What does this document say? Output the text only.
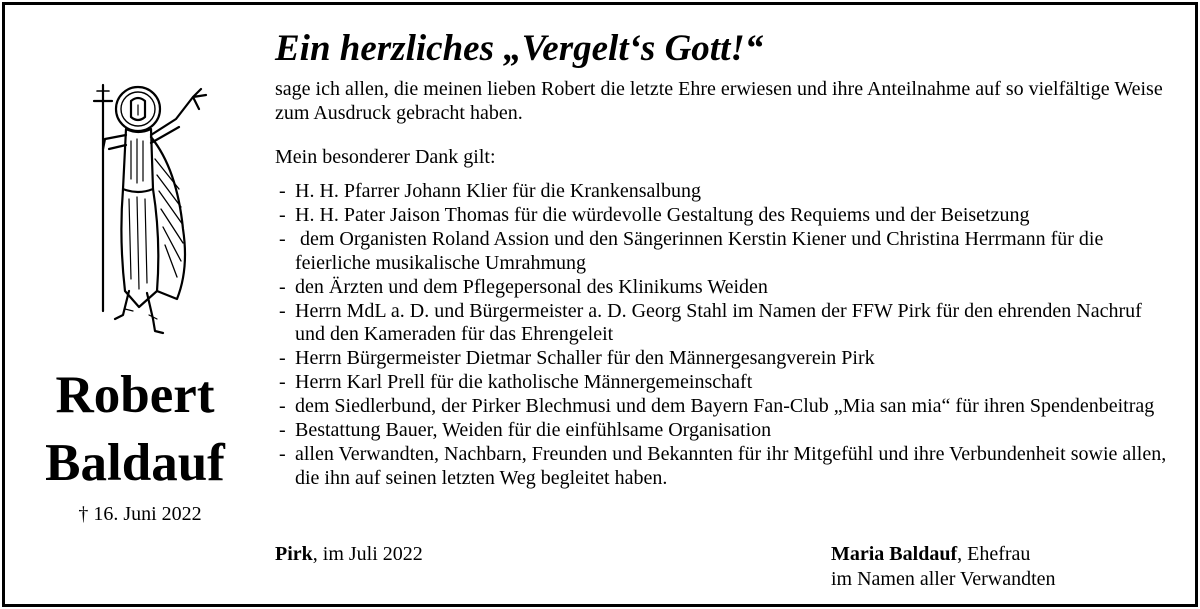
Robert
Baldauf
† 16. Juni 2022
Ein herzliches „Vergelt‘s Gott!“
sage ich allen, die meinen lieben Robert die letzte Ehre erwiesen und ihre Anteilnahme auf so vielfältige Weise zum Ausdruck gebracht haben.
Mein besonderer Dank gilt:
- H. H. Pfarrer Johann Klier für die Krankensalbung
- H. H. Pater Jaison Thomas für die würdevolle Gestaltung des Requiems und der Beisetzung
- dem Organisten Roland Assion und den Sängerinnen Kerstin Kiener und Christina Herrmann für die feierliche musikalische Umrahmung
- den Ärzten und dem Pflegepersonal des Klinikums Weiden
- Herrn MdL a. D. und Bürgermeister a. D. Georg Stahl im Namen der FFW Pirk für den ehrenden Nachruf und den Kameraden für das Ehrengeleit
- Herrn Bürgermeister Dietmar Schaller für den Männergesangverein Pirk
- Herrn Karl Prell für die katholische Männergemeinschaft
- dem Siedlerbund, der Pirker Blechmusi und dem Bayern Fan-Club „Mia san mia“ für ihren Spendenbeitrag
- Bestattung Bauer, Weiden für die einfühlsame Organisation
- allen Verwandten, Nachbarn, Freunden und Bekannten für ihr Mitgefühl und ihre Verbundenheit sowie allen, die ihn auf seinen letzten Weg begleitet haben.
Pirk, im Juli 2022	Maria Baldauf, Ehefrau
im Namen aller Verwandten
